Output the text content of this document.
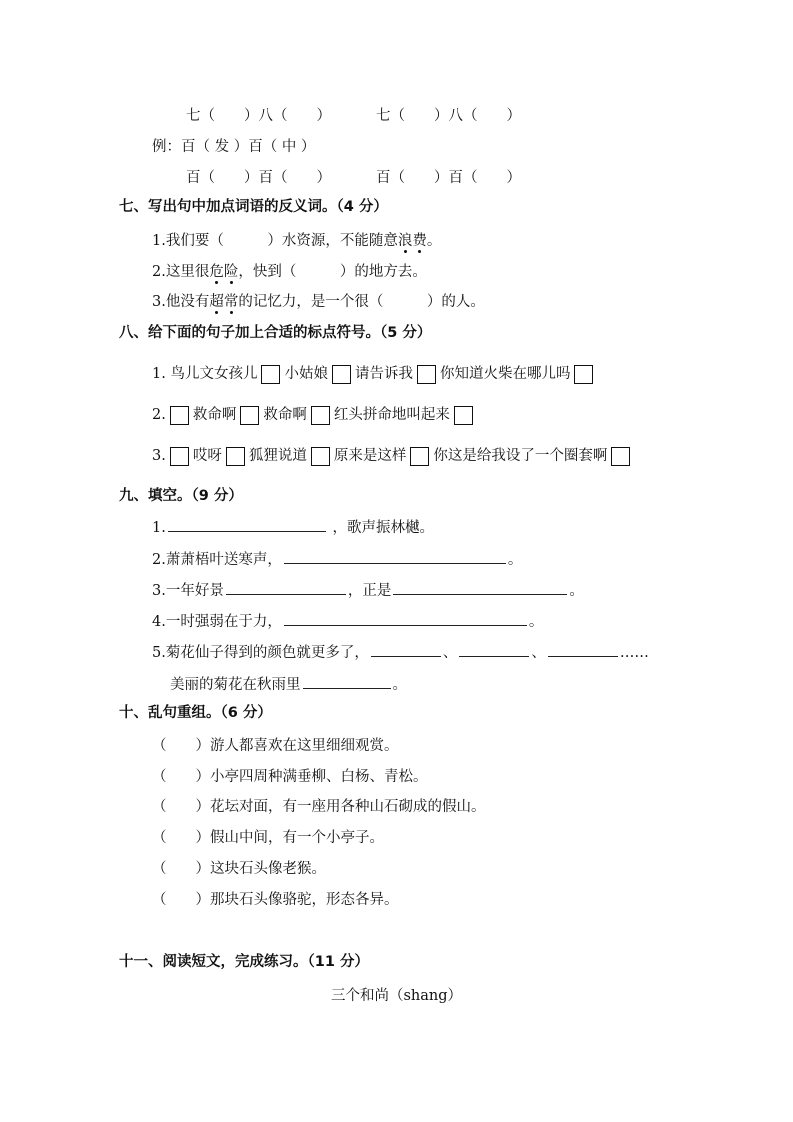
七（　　）八（　　）	七（　　）八（　　）
例：百（ 发 ）百（ 中 ）
百（　　）百（　　）	百（　　）百（　　）
七、写出句中加点词语的反义词。（4 分）
1.我们要（　　　）水资源，不能随意浪费。
2.这里很危险，快到（　　　）的地方去。
3.他没有超常的记忆力，是一个很（　　　）的人。
八、给下面的句子加上合适的标点符号。（5 分）
1. 鸟儿文女孩儿 小姑娘 请告诉我 你知道火柴在哪儿吗
2. 救命啊 救命啊 红头拼命地叫起来
3. 哎呀 狐狸说道 原来是这样 你这是给我设了一个圈套啊
九、填空。（9 分）
1.	，歌声振林樾。
2.萧萧梧叶送寒声，	。
3.一年好景	，正是	。
4.一时强弱在于力，	。
5.菊花仙子得到的颜色就更多了，	、	、	……
美丽的菊花在秋雨里	。
十、乱句重组。（6 分）
（　　）游人都喜欢在这里细细观赏。
（　　）小亭四周种满垂柳、白杨、青松。
（　　）花坛对面，有一座用各种山石砌成的假山。
（　　）假山中间，有一个小亭子。
（　　）这块石头像老猴。
（　　）那块石头像骆驼，形态各异。
十一、阅读短文，完成练习。（11 分）
三个和尚（shang）
